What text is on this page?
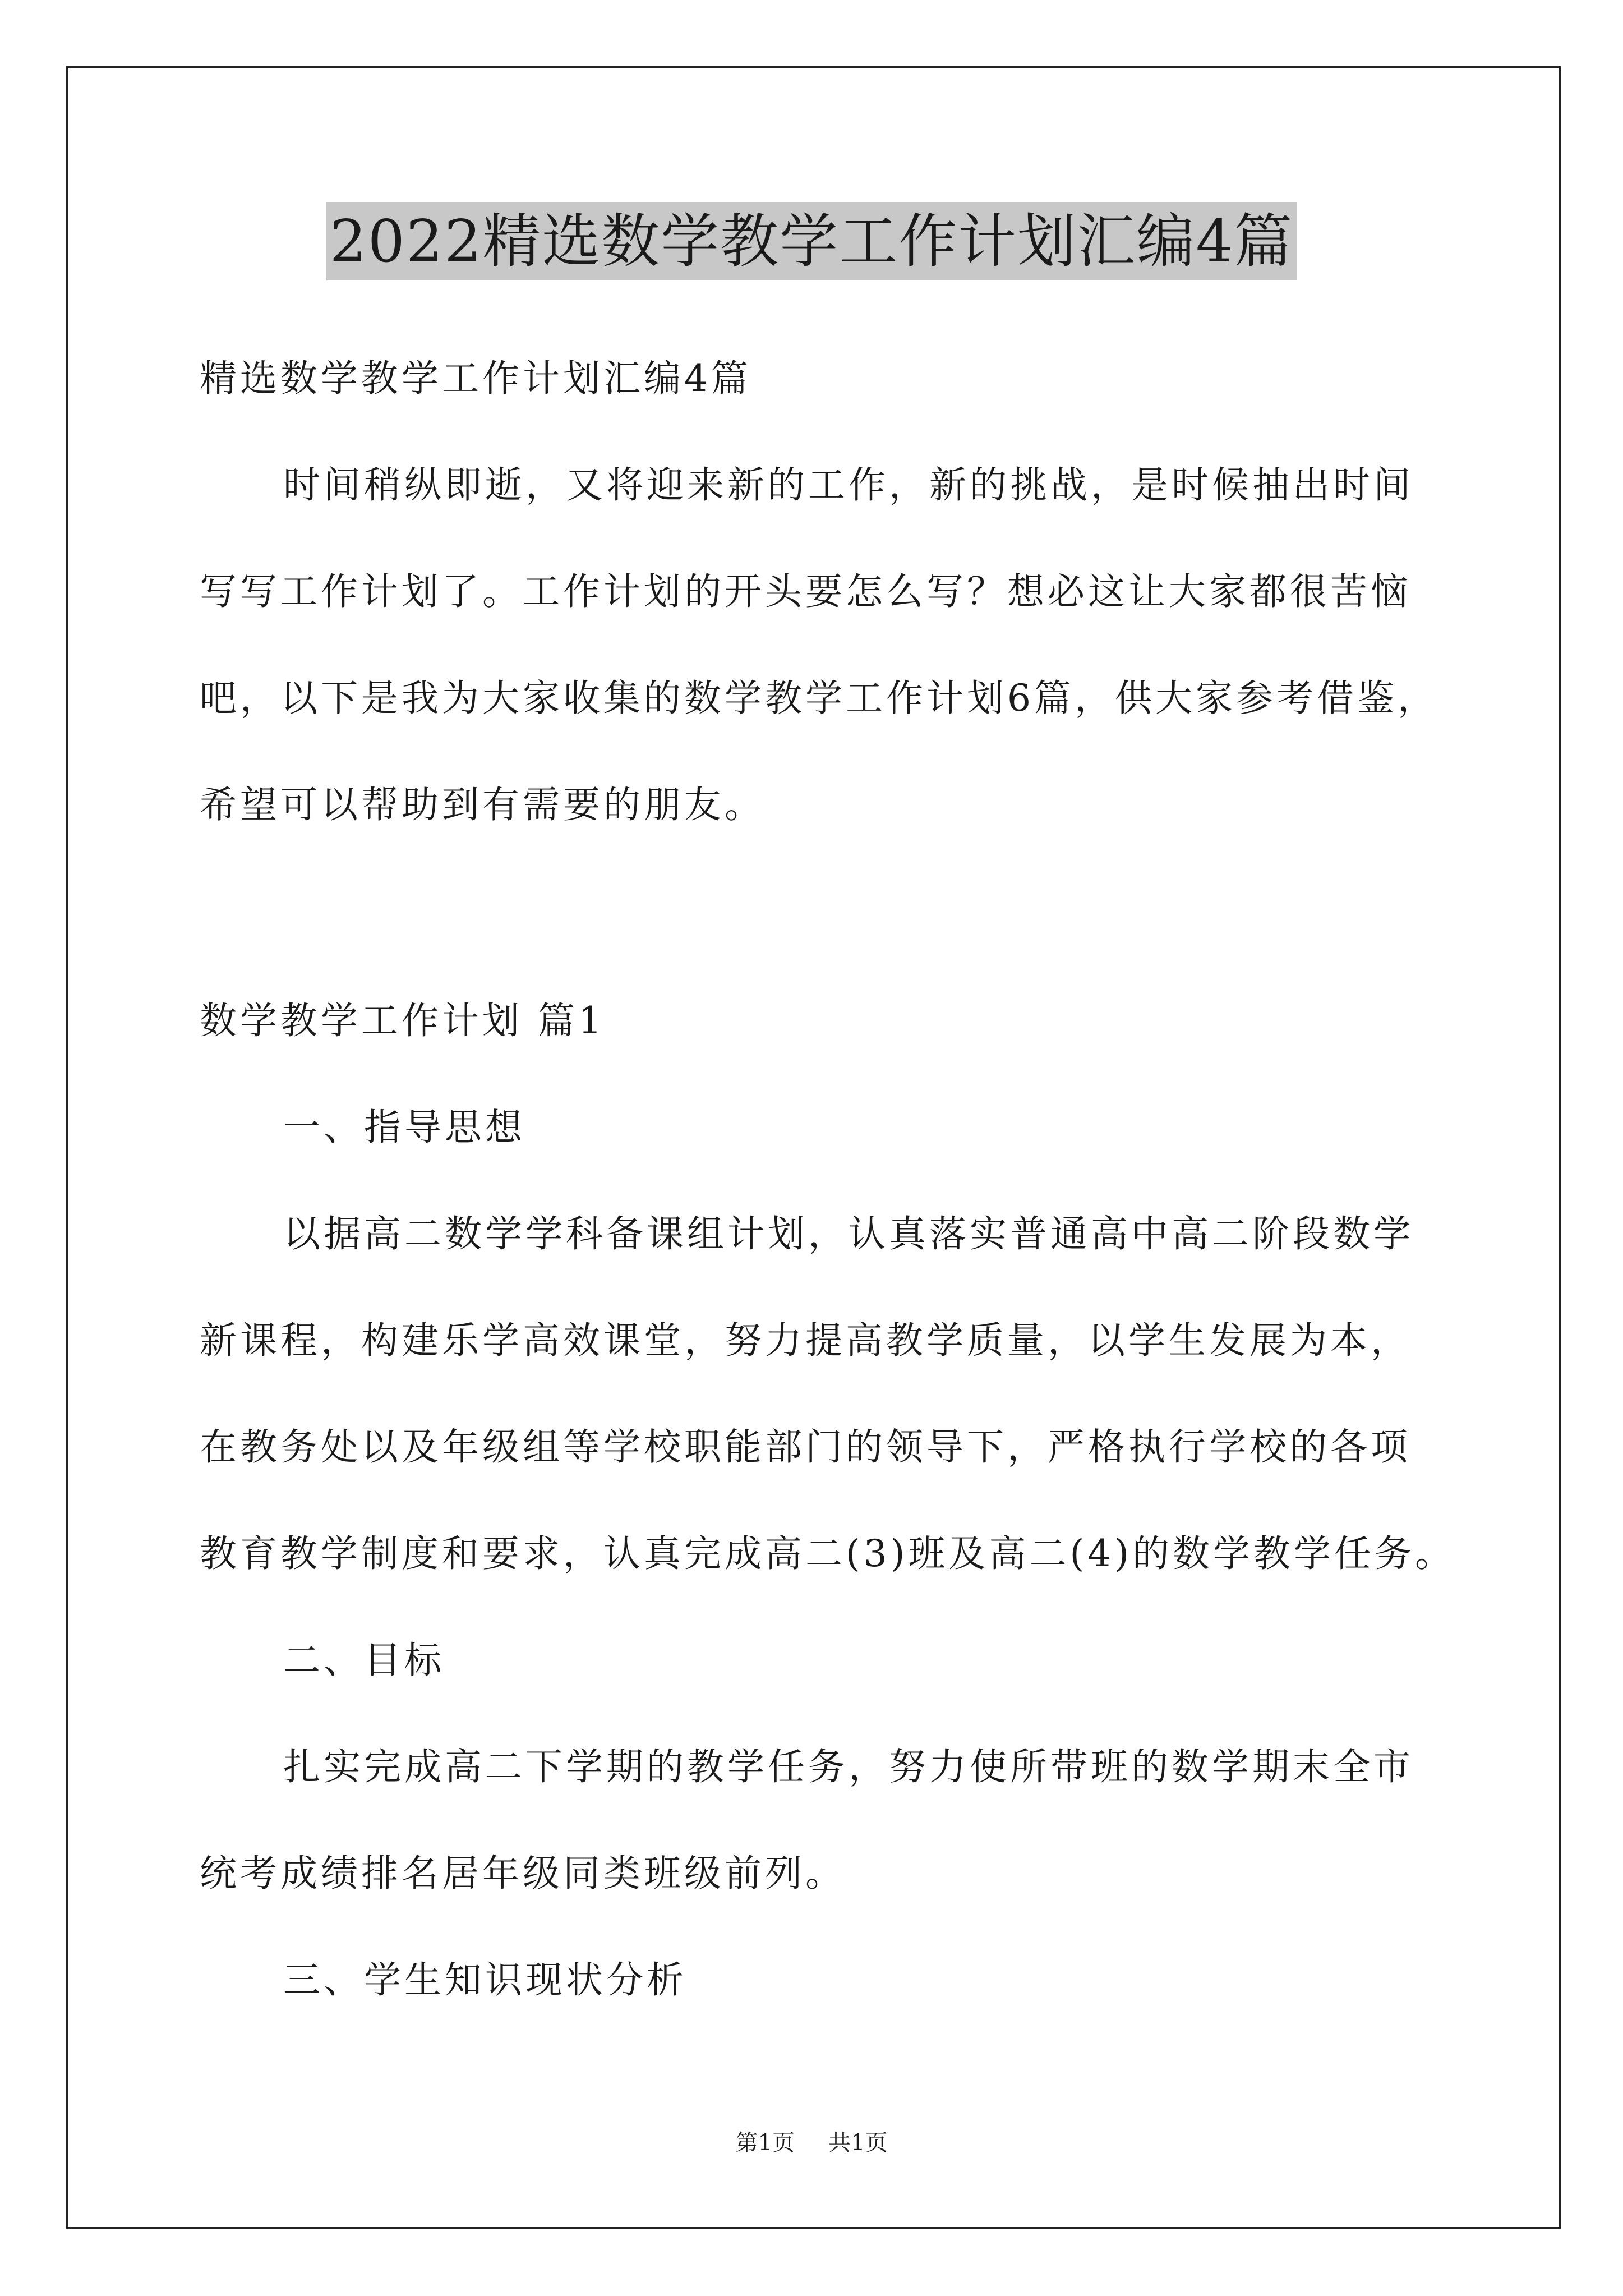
2022精选数学教学工作计划汇编4篇
精选数学教学工作计划汇编4篇
时间稍纵即逝，又将迎来新的工作，新的挑战，是时候抽出时间
写写工作计划了。工作计划的开头要怎么写？想必这让大家都很苦恼
吧，以下是我为大家收集的数学教学工作计划6篇，供大家参考借鉴，
希望可以帮助到有需要的朋友。
数学教学工作计划 篇1
一、指导思想
以据高二数学学科备课组计划，认真落实普通高中高二阶段数学
新课程，构建乐学高效课堂，努力提高教学质量，以学生发展为本，
在教务处以及年级组等学校职能部门的领导下，严格执行学校的各项
教育教学制度和要求，认真完成高二(3)班及高二(4)的数学教学任务。
二、目标
扎实完成高二下学期的教学任务，努力使所带班的数学期末全市
统考成绩排名居年级同类班级前列。
三、学生知识现状分析
第1页 共1页
